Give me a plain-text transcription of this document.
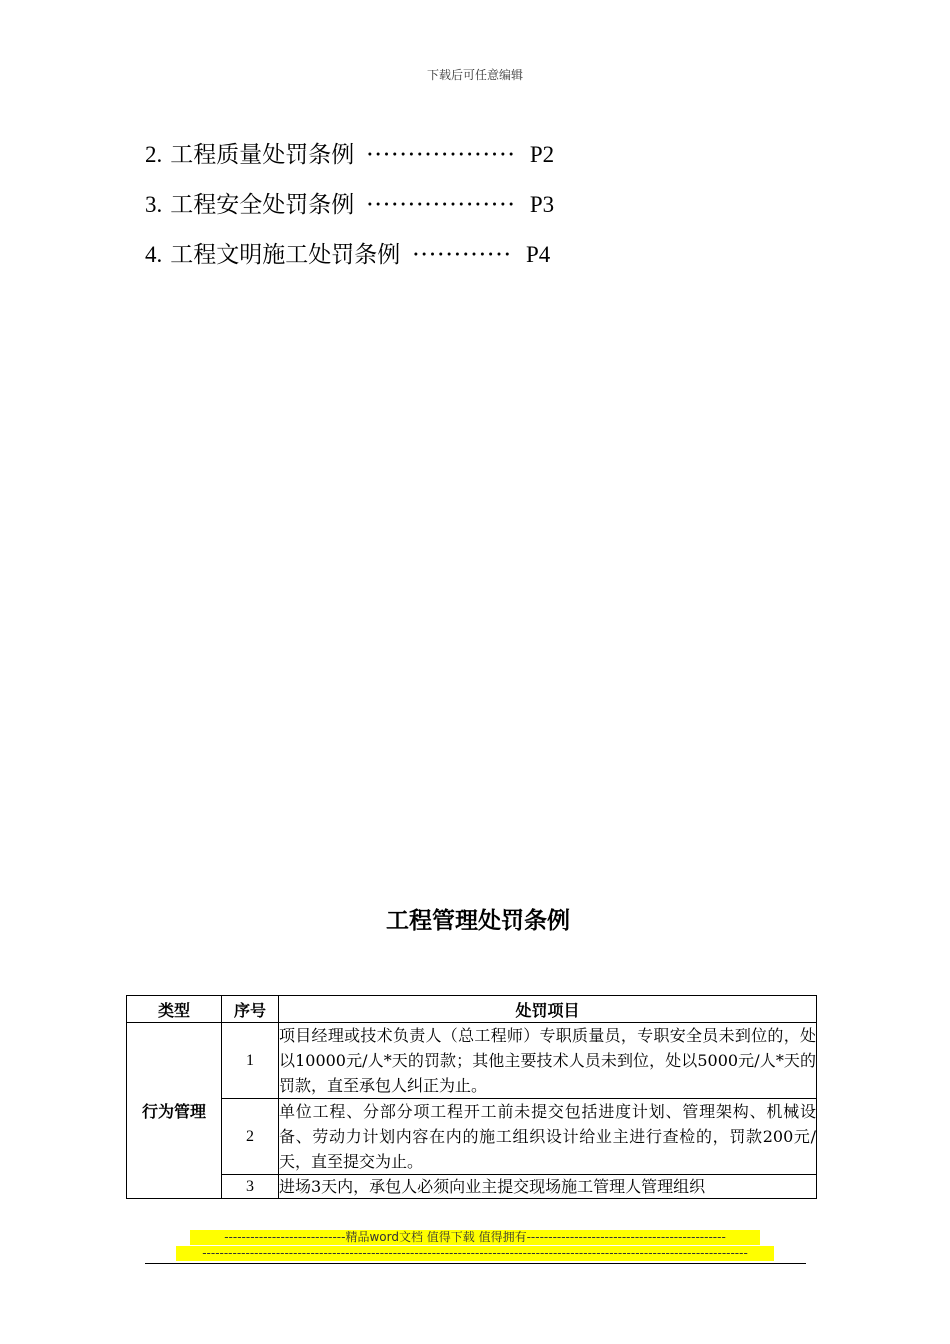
下载后可任意编辑
2. 工程质量处罚条例 ·················· P2
3. 工程安全处罚条例 ·················· P3
4. 工程文明施工处罚条例 ············ P4
工程管理处罚条例
类型	序号	处罚项目
行为管理	1	项目经理或技术负责人（总工程师）专职质量员，专职安全员未到位的，处以10000元/人*天的罚款；其他主要技术人员未到位，处以5000元/人*天的罚款，直至承包人纠正为止。
	2	单位工程、分部分项工程开工前未提交包括进度计划、管理架构、机械设备、劳动力计划内容在内的施工组织设计给业主进行查检的，罚款200元/天，直至提交为止。
	3	进场3天内，承包人必须向业主提交现场施工管理人管理组织
----------------------------精品word文档 值得下载 值得拥有----------------------------------------------
------------------------------------------------------------------------------------------------------------------------------
